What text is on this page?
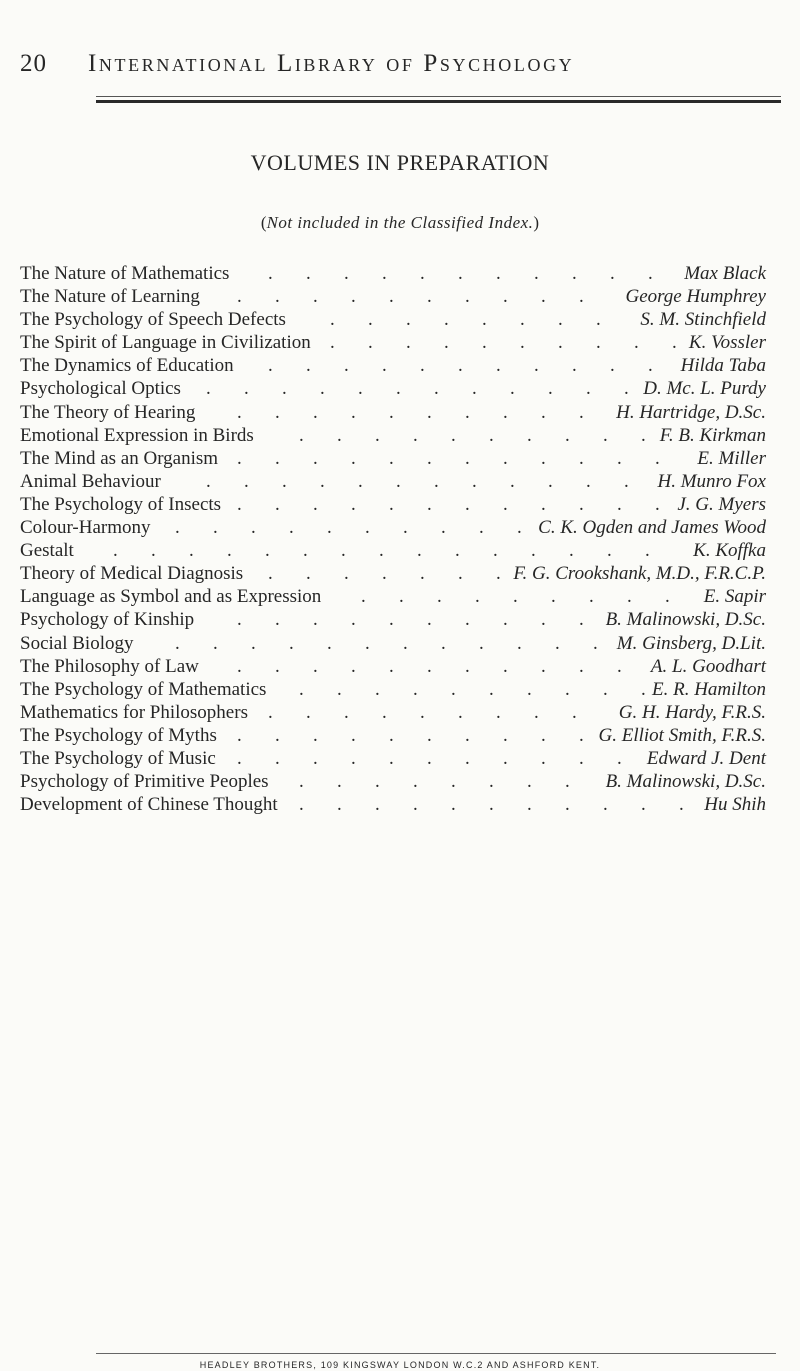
20 International Library of Psychology
VOLUMES IN PREPARATION
(Not included in the Classified Index.)
The Nature of Mathematics	Max Black
.       .       .       .       .       .       .       .       .       .       .
The Nature of Learning	George Humphrey
.       .       .       .       .       .       .       .       .       .
The Psychology of Speech Defects	S. M. Stinchfield
.       .       .       .       .       .       .       .
The Spirit of Language in Civilization	K. Vossler
.       .       .       .       .       .       .       .       .       .
The Dynamics of Education	Hilda Taba
.       .       .       .       .       .       .       .       .       .       .
Psychological Optics	D. Mc. L. Purdy
.       .       .       .       .       .       .       .       .       .       .       .
The Theory of Hearing	H. Hartridge, D.Sc.
.       .       .       .       .       .       .       .       .       .
Emotional Expression in Birds	F. B. Kirkman
.       .       .       .       .       .       .       .       .       .
The Mind as an Organism	E. Miller
.       .       .       .       .       .       .       .       .       .       .       .
Animal Behaviour	H. Munro Fox
.       .       .       .       .       .       .       .       .       .       .       .
The Psychology of Insects	J. G. Myers
.       .       .       .       .       .       .       .       .       .       .       .
Colour-Harmony	C. K. Ogden and James Wood
.       .       .       .       .       .       .       .       .       .
Gestalt	K. Koffka
.       .       .       .       .       .       .       .       .       .       .       .       .       .       .
Theory of Medical Diagnosis	F. G. Crookshank, M.D., F.R.C.P.
.       .       .       .       .       .       .
Language as Symbol and as Expression	E. Sapir
.       .       .       .       .       .       .       .       .
Psychology of Kinship	B. Malinowski, D.Sc.
.       .       .       .       .       .       .       .       .       .
Social Biology	M. Ginsberg, D.Lit.
.       .       .       .       .       .       .       .       .       .       .       .
The Philosophy of Law	A. L. Goodhart
.       .       .       .       .       .       .       .       .       .       .
The Psychology of Mathematics	E. R. Hamilton
.       .       .       .       .       .       .       .       .       .
Mathematics for Philosophers	G. H. Hardy, F.R.S.
.       .       .       .       .       .       .       .       .
The Psychology of Myths	G. Elliot Smith, F.R.S.
.       .       .       .       .       .       .       .       .       .
The Psychology of Music	Edward J. Dent
.       .       .       .       .       .       .       .       .       .       .
Psychology of Primitive Peoples	B. Malinowski, D.Sc.
.       .       .       .       .       .       .       .
Development of Chinese Thought	Hu Shih
.       .       .       .       .       .       .       .       .       .       .
HEADLEY BROTHERS, 109 KINGSWAY LONDON W.C.2 AND ASHFORD KENT.
